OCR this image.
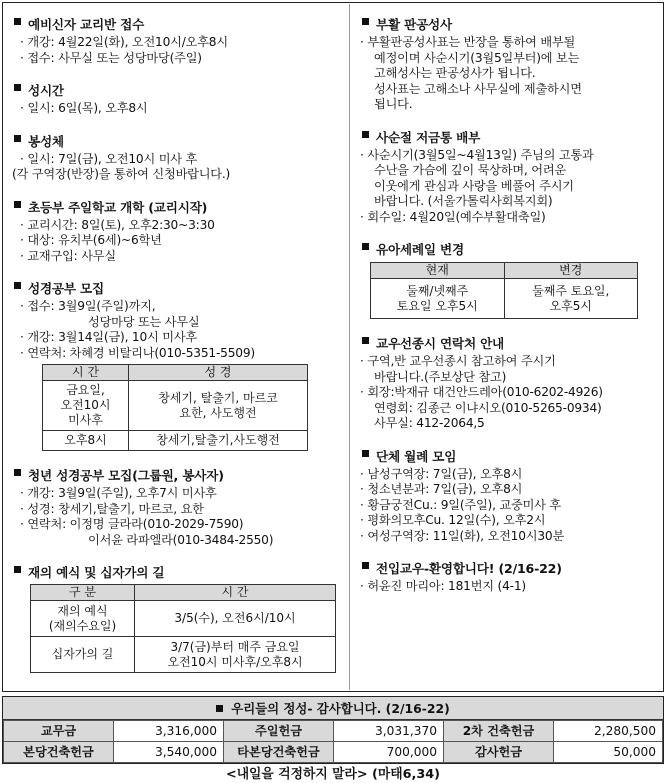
예비신자 교리반 접수
· 개강: 4월22일(화), 오전10시/오후8시
· 접수: 사무실 또는 성당마당(주일)
성시간
· 일시: 6일(목), 오후8시
봉성체
· 일시: 7일(금), 오전10시 미사 후
(각 구역장(반장)을 통하여 신청바랍니다.)
초등부 주일학교 개학 (교리시작)
· 교리시간: 8일(토), 오후2:30~3:30
· 대상: 유치부(6세)~6학년
· 교재구입: 사무실
성경공부 모집
· 접수: 3월9일(주일)까지,
성당마당 또는 사무실
· 개강: 3월14일(금), 10시 미사후
· 연락처: 차혜경 비탈리나(010-5351-5509)
시 간	성 경
금요일,
오전10시
미사후	창세기, 탈출기, 마르코
요한, 사도행전
오후8시	창세기,탈출기,사도행전
청년 성경공부 모집(그룹원, 봉사자)
· 개강: 3월9일(주일), 오후7시 미사후
· 성경: 창세기,탈출기, 마르코, 요한
· 연락처: 이정명 글라라(010-2029-7590)
이서윤 라파엘라(010-3484-2550)
재의 예식 및 십자가의 길
구 분	시 간
재의 예식
(재의수요일)	3/5(수), 오전6시/10시
십자가의 길	3/7(금)부터 매주 금요일
오전10시 미사후/오후8시
부활 판공성사
· 부활판공성사표는 반장을 통하여 배부될
예정이며 사순시기(3월5일부터)에 보는
고해성사는 판공성사가 됩니다.
성사표는 고해소나 사무실에 제출하시면
됩니다.
사순절 저금통 배부
· 사순시기(3월5일~4월13일) 주님의 고통과
수난을 가슴에 깊이 묵상하며, 어려운
이웃에게 관심과 사랑을 베풀어 주시기
바랍니다. (서울가톨릭사회복지회)
· 회수일: 4월20일(예수부활대축일)
유아세례일 변경
현재	변경
둘째/넷째주
토요일 오후5시	둘째주 토요일,
오후5시
교우선종시 연락처 안내
· 구역,반 교우선종시 참고하여 주시기
바랍니다.(주보상단 참고)
· 회장:박재규 대건안드레아(010-6202-4926)
연령회: 김종근 이냐시오(010-5265-0934)
사무실: 412-2064,5
단체 월례 모임
· 남성구역장: 7일(금), 오후8시
· 청소년분과: 7일(금), 오후8시
· 황금궁전Cu.: 9일(주일), 교중미사 후
· 평화의모후Cu. 12일(수), 오후2시
· 여성구역장: 11일(화), 오전10시30분
전입교우-환영합니다! (2/16-22)
· 허윤진 마리아: 181번지 (4-1)
우리들의 정성- 감사합니다. (2/16-22)
교무금	3,316,000	주일헌금	3,031,370	2차 건축헌금	2,280,500
본당건축헌금	3,540,000	타본당건축헌금	700,000	감사헌금	50,000
<내일을 걱정하지 말라> (마태6,34)
